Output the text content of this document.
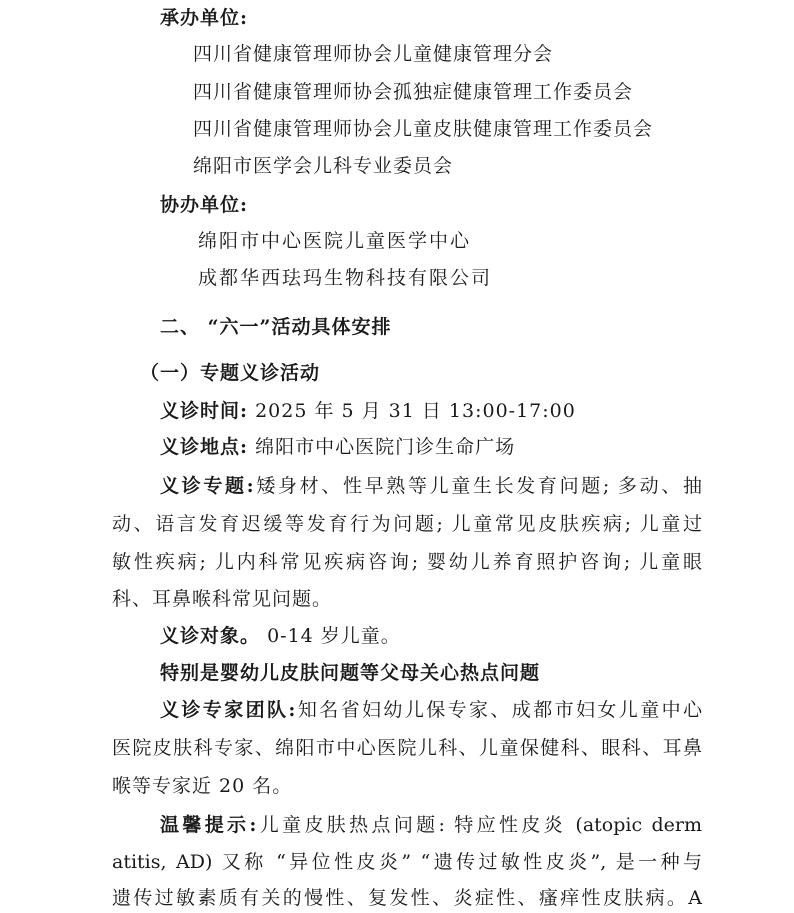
承办单位:
四川省健康管理师协会儿童健康管理分会
四川省健康管理师协会孤独症健康管理工作委员会
四川省健康管理师协会儿童皮肤健康管理工作委员会
绵阳市医学会儿科专业委员会
协办单位:
绵阳市中心医院儿童医学中心
成都华西珐玛生物科技有限公司
二、 “六一”活动具体安排
（一）专题义诊活动
义诊时间: 2025 年 5 月 31 日 13:00-17:00
义诊地点: 绵阳市中心医院门诊生命广场
义诊专题:矮身材、性早熟等儿童生长发育问题; 多动、抽
动、语言发育迟缓等发育行为问题; 儿童常见皮肤疾病; 儿童过
敏性疾病; 儿内科常见疾病咨询; 婴幼儿养育照护咨询; 儿童眼
科、耳鼻喉科常见问题。
义诊对象。 0-14 岁儿童。
特别是婴幼儿皮肤问题等父母关心热点问题
义诊专家团队:知名省妇幼儿保专家、成都市妇女儿童中心
医院皮肤科专家、绵阳市中心医院儿科、儿童保健科、眼科、耳鼻
喉等专家近 20 名。
温馨提示:儿童皮肤热点问题: 特应性皮炎 (atopic derm
atitis, AD) 又称 “异位性皮炎” “遗传过敏性皮炎”, 是一种与
遗传过敏素质有关的慢性、复发性、炎症性、瘙痒性皮肤病。A
